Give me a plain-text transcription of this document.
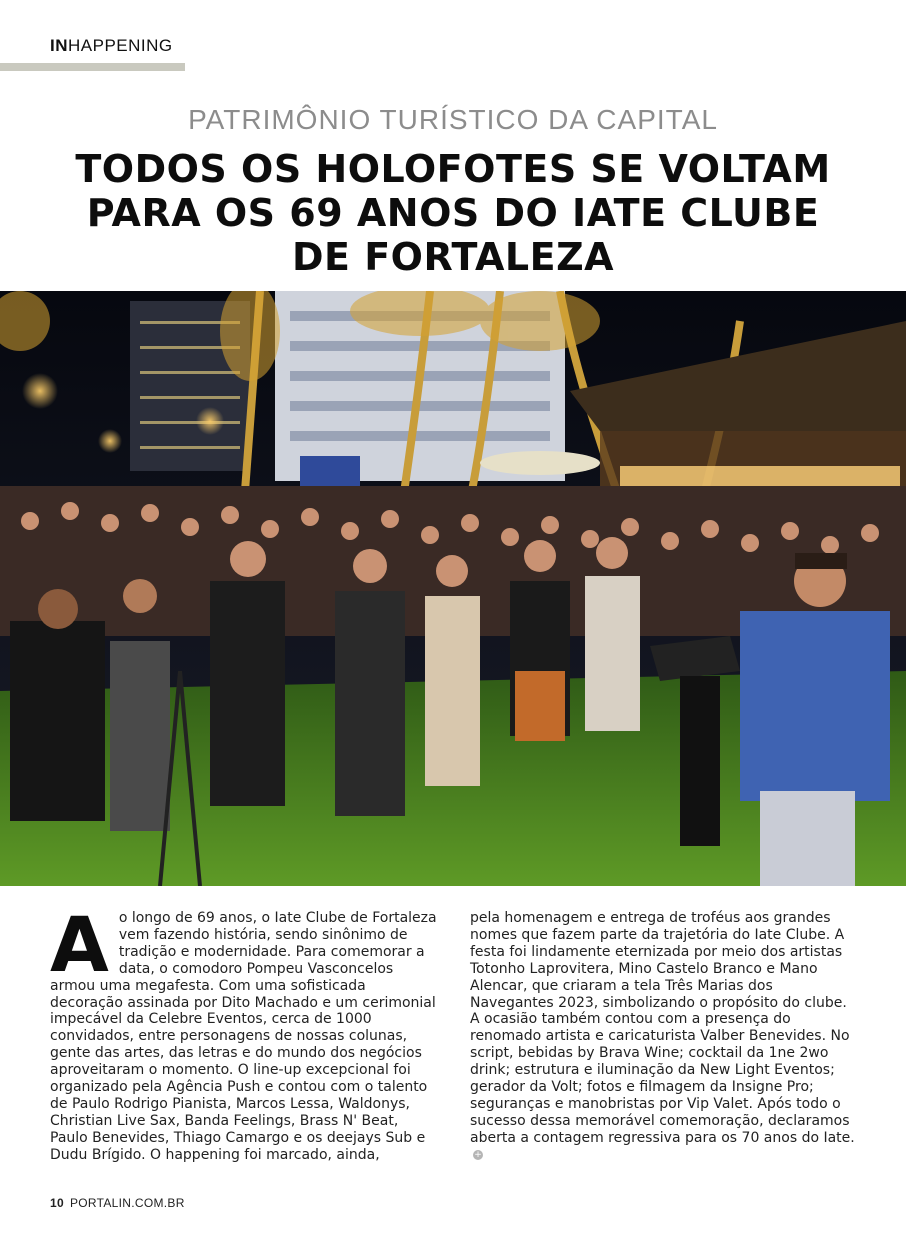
INHAPPENING
PATRIMÔNIO TURÍSTICO DA CAPITAL
TODOS OS HOLOFOTES SE VOLTAM PARA OS 69 ANOS DO IATE CLUBE DE FORTALEZA
Ao longo de 69 anos, o Iate Clube de Fortaleza vem fazendo história, sendo sinônimo de tradição e modernidade. Para comemorar a data, o comodoro Pompeu Vasconcelos armou uma megafesta. Com uma sofisticada decoração assinada por Dito Machado e um cerimonial impecável da Celebre Eventos, cerca de 1000 convidados, entre personagens de nossas colunas, gente das artes, das letras e do mundo dos negócios aproveitaram o momento. O line-up excepcional foi organizado pela Agência Push e contou com o talento de Paulo Rodrigo Pianista, Marcos Lessa, Waldonys, Christian Live Sax, Banda Feelings, Brass N' Beat, Paulo Benevides, Thiago Camargo e os deejays Sub e Dudu Brígido. O happening foi marcado, ainda,
pela homenagem e entrega de troféus aos grandes nomes que fazem parte da trajetória do Iate Clube. A festa foi lindamente eternizada por meio dos artistas Totonho Laprovitera, Mino Castelo Branco e Mano Alencar, que criaram a tela Três Marias dos Navegantes 2023, simbolizando o propósito do clube. A ocasião também contou com a presença do renomado artista e caricaturista Valber Benevides. No script, bebidas by Brava Wine; cocktail da 1ne 2wo drink; estrutura e iluminação da New Light Eventos; gerador da Volt; fotos e filmagem da Insigne Pro; seguranças e manobristas por Vip Valet. Após todo o sucesso dessa memorável comemoração, declaramos aberta a contagem regressiva para os 70 anos do Iate.+
10 PORTALIN.COM.BR
